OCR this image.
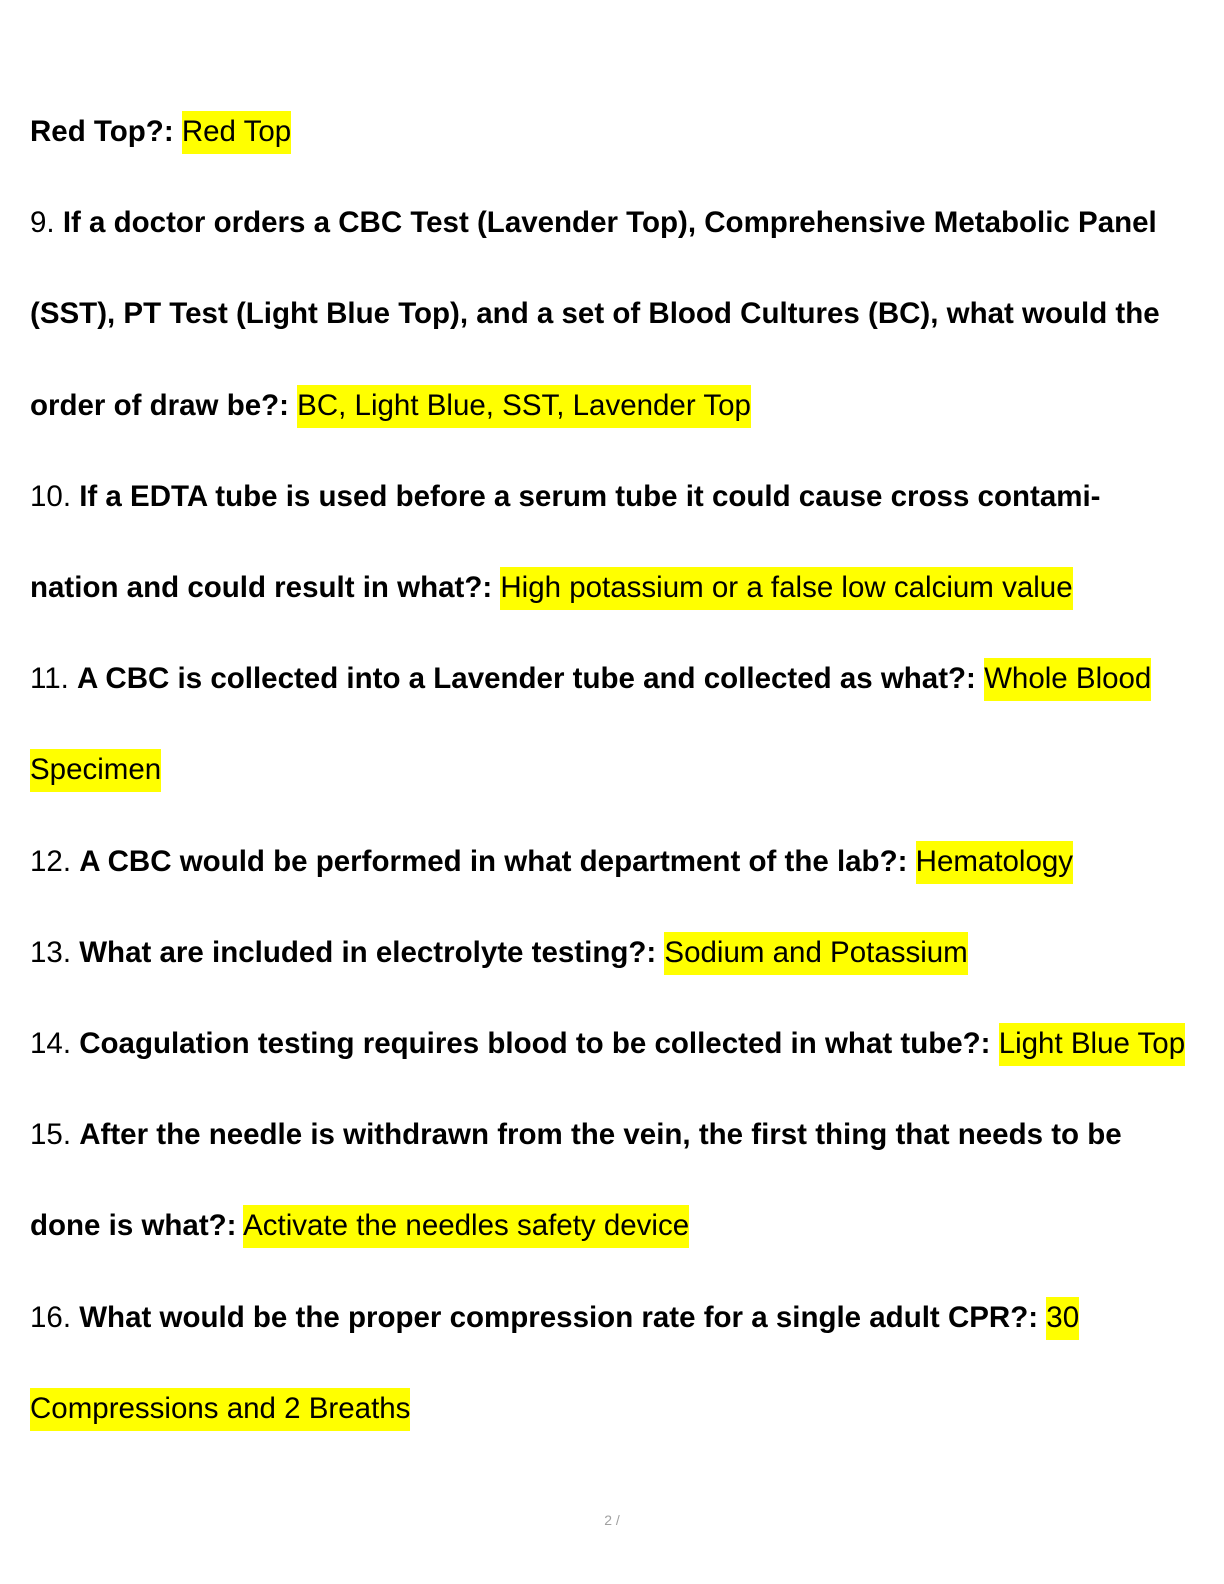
Red Top?: Red Top

9. If a doctor orders a CBC Test (Lavender Top), Comprehensive Metabolic Panel (SST), PT Test (Light Blue Top), and a set of Blood Cultures (BC), what would the order of draw be?: BC, Light Blue, SST, Lavender Top

10. If a EDTA tube is used before a serum tube it could cause cross contami- nation and could result in what?: High potassium or a false low calcium value

11. A CBC is collected into a Lavender tube and collected as what?: Whole Blood Specimen

12. A CBC would be performed in what department of the lab?: Hematology

13. What are included in electrolyte testing?: Sodium and Potassium

14. Coagulation testing requires blood to be collected in what tube?: Light Blue Top

15. After the needle is withdrawn from the vein, the first thing that needs to be done is what?: Activate the needles safety device

16. What would be the proper compression rate for a single adult CPR?: 30 Compressions and 2 Breaths

2 /
